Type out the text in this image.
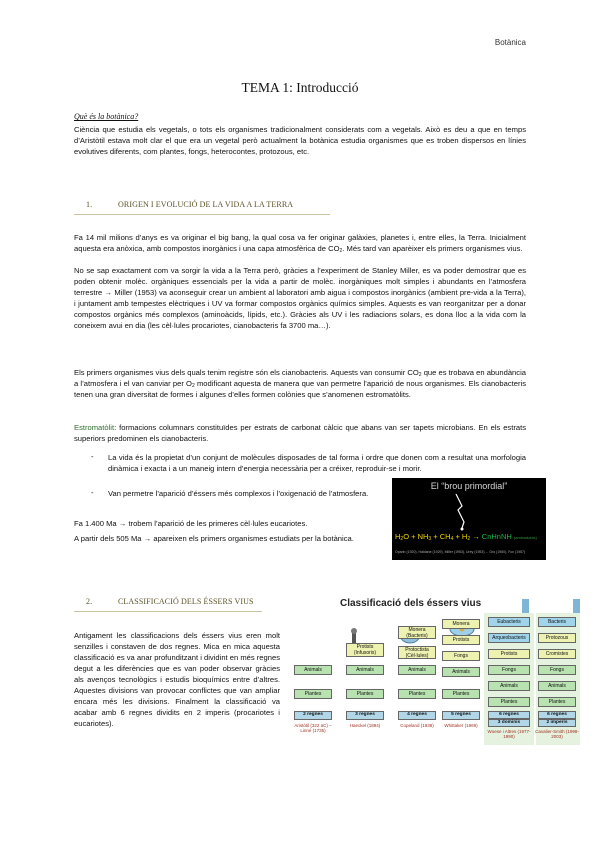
Botànica
TEMA 1: Introducció
Què és la botànica?

Ciència que estudia els vegetals, o tots els organismes tradicionalment considerats com a vegetals. Això es deu a que en temps d’Aristòtil estava molt clar el que era un vegetal però actualment la botànica estudia organismes que es troben dispersos en línies evolutives diferents, com plantes, fongs, heterocontes, protozous, etc.

1.	ORIGEN I EVOLUCIÓ DE LA VIDA A LA TERRA

Fa 14 mil milions d’anys es va originar el big bang, la qual cosa va fer originar galàxies, planetes i, entre elles, la Terra. Inicialment aquesta era anòxica, amb compostos inorgànics i una capa atmosfèrica de $CO_2$. Més tard van aparèixer els primers organismes vius.

No se sap exactament com va sorgir la vida a la Terra però, gràcies a l’experiment de Stanley Miller, es va poder demostrar que es poden obtenir molèc. orgàniques essencials per la vida a partir de molèc. inorgàniques molt simples i abundants en l’atmosfera terrestre → Miller (1953) va aconseguir crear un ambient al laboratori amb aigua i compostos inorgànics (ambient pre-vida a la Terra), i juntament amb tempestes elèctriques i UV va formar compostos orgànics químics simples. Aquests es van reorganitzar per a donar compostos orgànics més complexos (aminoàcids, lípids, etc.). Gràcies als UV i les radiacions solars, es dona lloc a la vida com la coneixem avui en dia (les cèl·lules procariotes, cianobacteris fa 3700 ma…).

Els primers organismes vius dels quals tenim registre són els cianobacteris. Aquests van consumir $CO_2$ que es trobava en abundància a l’atmosfera i el van canviar per $O_2$ modificant aquesta de manera que van permetre l’aparició de nous organismes. Els cianobacteris tenen una gran diversitat de formes i algunes d’elles formen colònies que s’anomenen estromatòlits.

Estromatòlit: formacions columnars constituïdes per estrats de carbonat càlcic que abans van ser tapets microbians. En els estrats superiors predominen els cianobacteris.

- La vida és la propietat d’un conjunt de molècules disposades de tal forma i ordre que donen com a resultat una morfologia dinàmica i exacta i a un maneig intern d’energia necessària per a créixer, reproduir-se i morir.

- Van permetre l’aparició d’éssers més complexos i l’oxigenació de l’atmosfera.

Fa 1.400 Ma → trobem l’aparició de les primeres cèl·lules eucariotes.

A partir dels 505 Ma → apareixen els primers organismes estudiats per la botànica.

El “brou primordial”
$H_2O + NH_3 + CH_4 + H_2$ → CnHnNH (aminoàcids)
Oparin (1920), Haldane (1929), Miller (1953), Urey (1953) ... Oró (1960), Fox (1957)
2.	CLASSIFICACIÓ DELS ÉSSERS VIUS

Antigament les classificacions dels éssers vius eren molt senzilles i constaven de dos regnes. Mica en mica aquesta classificació es va anar profunditzant i dividint en més regnes degut a les diferències que es van poder observar gràcies als avenços tecnològics i estudis bioquímics entre d’altres. Aquestes divisions van provocar conflictes que van ampliar encara més les divisions. Finalment la classificació va acabar amb 6 regnes dividits en 2 imperis (procariotes i eucariotes).

Classificació dels éssers vius
Animals
Plantes
2 regnes
Aristòtil (322 aC) – Linné (1735)
Protists (Infusoris)
Animals
Plantes
3 regnes
Haeckel (1894)
Monera (Bacteris)
Protoctista (Cèl·lules)
Animals
Plantes
4 regnes
Copeland (1938)
Monera
Protists
Fongs
Animals
Plantes
5 regnes
Whittaker (1969)
Eubacteris
Arqueobacteris
Protists
Fongs
Animals
Plantes
6 regnes
3 dominis
Woese i Altres (1977-1990)
Bacteris
Protozous
Cromistes
Fongs
Animals
Plantes
6 regnes
2 imperis
Cavalier-Smith (1998-2003)
